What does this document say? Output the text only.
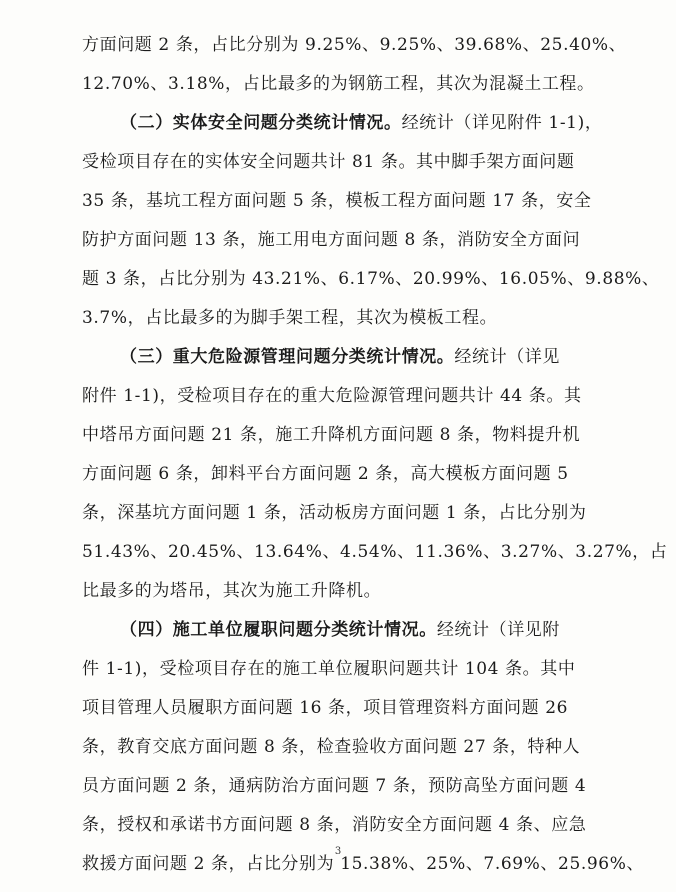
方面问题 2 条，占比分别为 9.25%、9.25%、39.68%、25.40%、
12.70%、3.18%，占比最多的为钢筋工程，其次为混凝土工程。
（二）实体安全问题分类统计情况。经统计（详见附件 1-1)，
受检项目存在的实体安全问题共计 81 条。其中脚手架方面问题
35 条，基坑工程方面问题 5 条，模板工程方面问题 17 条，安全
防护方面问题 13 条，施工用电方面问题 8 条，消防安全方面问
题 3 条，占比分别为 43.21%、6.17%、20.99%、16.05%、9.88%、
3.7%，占比最多的为脚手架工程，其次为模板工程。
（三）重大危险源管理问题分类统计情况。经统计（详见
附件 1-1)，受检项目存在的重大危险源管理问题共计 44 条。其
中塔吊方面问题 21 条，施工升降机方面问题 8 条，物料提升机
方面问题 6 条，卸料平台方面问题 2 条，高大模板方面问题 5
条，深基坑方面问题 1 条，活动板房方面问题 1 条，占比分别为
51.43%、20.45%、13.64%、4.54%、11.36%、3.27%、3.27%，占
比最多的为塔吊，其次为施工升降机。
（四）施工单位履职问题分类统计情况。经统计（详见附
件 1-1)，受检项目存在的施工单位履职问题共计 104 条。其中
项目管理人员履职方面问题 16 条，项目管理资料方面问题 26
条，教育交底方面问题 8 条，检查验收方面问题 27 条，特种人
员方面问题 2 条，通病防治方面问题 7 条，预防高坠方面问题 4
条，授权和承诺书方面问题 8 条，消防安全方面问题 4 条、应急
救援方面问题 2 条，占比分别为 15.38%、25%、7.69%、25.96%、
3
